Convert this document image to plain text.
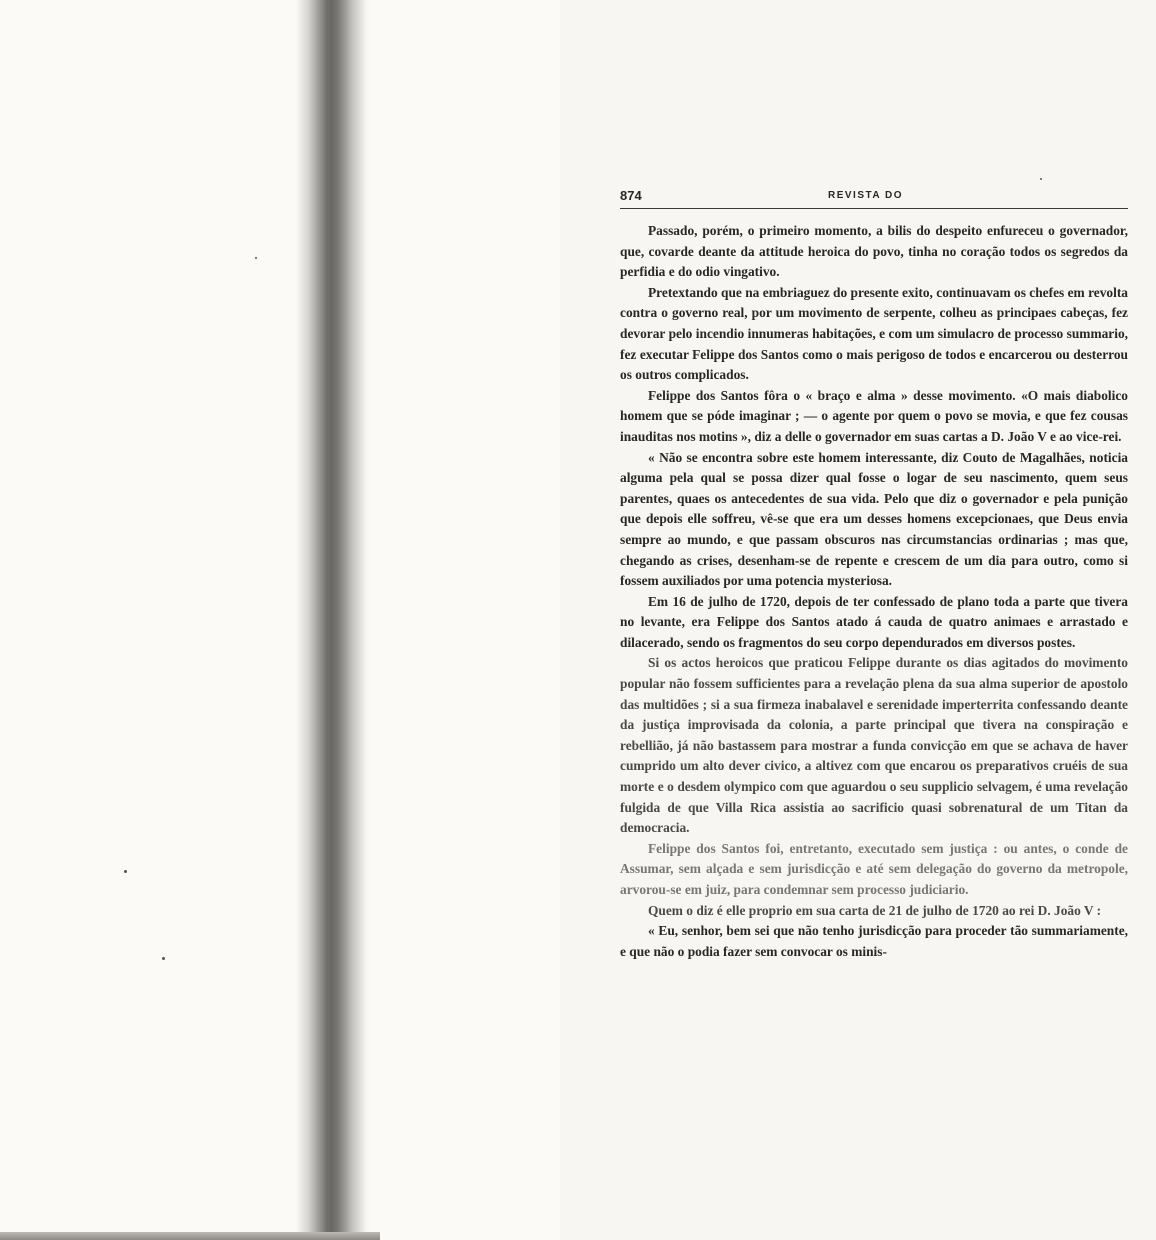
874	REVISTA DO

Passado, porém, o primeiro momento, a bilis do despeito enfureceu o governador, que, covarde deante da attitude heroica do povo, tinha no coração todos os segredos da perfidia e do odio vingativo.

Pretextando que na embriaguez do presente exito, continuavam os chefes em revolta contra o governo real, por um movimento de serpente, colheu as principaes cabeças, fez devorar pelo incendio innumeras habitações, e com um simulacro de processo summario, fez executar Felippe dos Santos como o mais perigoso de todos e encarcerou ou desterrou os outros complicados.

Felippe dos Santos fôra o « braço e alma » desse movimento. «O mais diabolico homem que se póde imaginar ; — o agente por quem o povo se movia, e que fez cousas inauditas nos motins », diz a delle o governador em suas cartas a D. João V e ao vice-rei.

« Não se encontra sobre este homem interessante, diz Couto de Magalhães, noticia alguma pela qual se possa dizer qual fosse o logar de seu nascimento, quem seus parentes, quaes os antecedentes de sua vida. Pelo que diz o governador e pela punição que depois elle soffreu, vê-se que era um desses homens excepcionaes, que Deus envia sempre ao mundo, e que passam obscuros nas circumstancias ordinarias ; mas que, chegando as crises, desenham-se de repente e crescem de um dia para outro, como si fossem auxiliados por uma potencia mysteriosa.

Em 16 de julho de 1720, depois de ter confessado de plano toda a parte que tivera no levante, era Felippe dos Santos atado á cauda de quatro animaes e arrastado e dilacerado, sendo os fragmentos do seu corpo dependurados em diversos postes.

Si os actos heroicos que praticou Felippe durante os dias agitados do movimento popular não fossem sufficientes para a revelação plena da sua alma superior de apostolo das multidões ; si a sua firmeza inabalavel e serenidade imperterrita confessando deante da justiça improvisada da colonia, a parte principal que tivera na conspiração e rebellião, já não bastassem para mostrar a funda convicção em que se achava de haver cumprido um alto dever civico, a altivez com que encarou os preparativos cruéis de sua morte e o desdem olympico com que aguardou o seu supplicio selvagem, é uma revelação fulgida de que Villa Rica assistia ao sacrificio quasi sobrenatural de um Titan da democracia.

Felippe dos Santos foi, entretanto, executado sem justiça : ou antes, o conde de Assumar, sem alçada e sem jurisdicção e até sem delegação do governo da metropole, arvorou-se em juiz, para condemnar sem processo judiciario.

Quem o diz é elle proprio em sua carta de 21 de julho de 1720 ao rei D. João V :

« Eu, senhor, bem sei que não tenho jurisdicção para proceder tão summariamente, e que não o podia fazer sem convocar os minis-
